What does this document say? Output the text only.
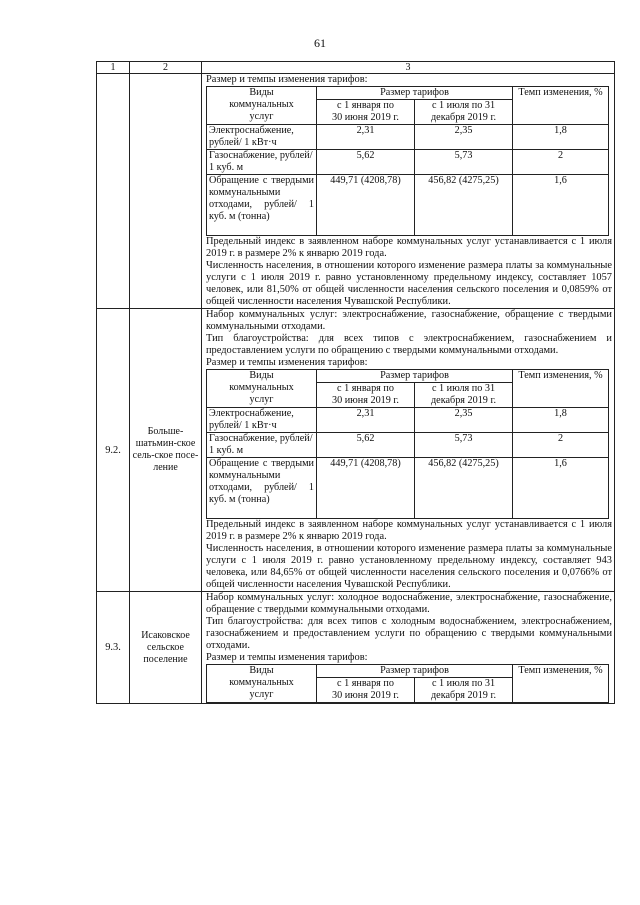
61
1	2	3

Размер и темпы изменения тарифов:

Виды коммунальных услуг	Размер тарифов	Темп изменения, %
с 1 января по 30 июня 2019 г.	с 1 июля по 31 декабря 2019 г.
Электроснабжение, рублей/ 1 кВт·ч	2,31	2,35	1,8
Газоснабжение, рублей/ 1 куб. м	5,62	5,73	2
Обращение с твердыми коммунальными отходами, рублей/ 1 куб. м (тонна)	449,71 (4208,78)	456,82 (4275,25)	1,6

Предельный индекс в заявленном наборе коммунальных услуг устанавливается с 1 июля 2019 г. в размере 2% к январю 2019 года.

Численность населения, в отношении которого изменение размера платы за коммунальные услуги с 1 июля 2019 г. равно установленному предельному индексу, составляет 1057 человек, или 81,50% от общей численности населения сельского поселения и 0,0859% от общей численности населения Чувашской Республики.

9.2.	Больше-шатьмин-ское сель-ское посе-ление	

Набор коммунальных услуг: электроснабжение, газоснабжение, обращение с твердыми коммунальными отходами.

Тип благоустройства: для всех типов с электроснабжением, газоснабжением и предоставлением услуги по обращению с твердыми коммунальными отходами.

Размер и темпы изменения тарифов:

Виды коммунальных услуг	Размер тарифов	Темп изменения, %
с 1 января по 30 июня 2019 г.	с 1 июля по 31 декабря 2019 г.
Электроснабжение, рублей/ 1 кВт·ч	2,31	2,35	1,8
Газоснабжение, рублей/ 1 куб. м	5,62	5,73	2
Обращение с твердыми коммунальными отходами, рублей/ 1 куб. м (тонна)	449,71 (4208,78)	456,82 (4275,25)	1,6

Предельный индекс в заявленном наборе коммунальных услуг устанавливается с 1 июля 2019 г. в размере 2% к январю 2019 года.

Численность населения, в отношении которого изменение размера платы за коммунальные услуги с 1 июля 2019 г. равно установленному предельному индексу, составляет 943 человека, или 84,65% от общей численности населения сельского поселения и 0,0766% от общей численности населения Чувашской Республики.

9.3.	Исаковское сельское поселение	

Набор коммунальных услуг: холодное водоснабжение, электроснабжение, газоснабжение, обращение с твердыми коммунальными отходами.

Тип благоустройства: для всех типов с холодным водоснабжением, электроснабжением, газоснабжением и предоставлением услуги по обращению с твердыми коммунальными отходами.

Размер и темпы изменения тарифов:

Виды коммунальных услуг	Размер тарифов	Темп изменения, %
с 1 января по 30 июня 2019 г.	с 1 июля по 31 декабря 2019 г.
